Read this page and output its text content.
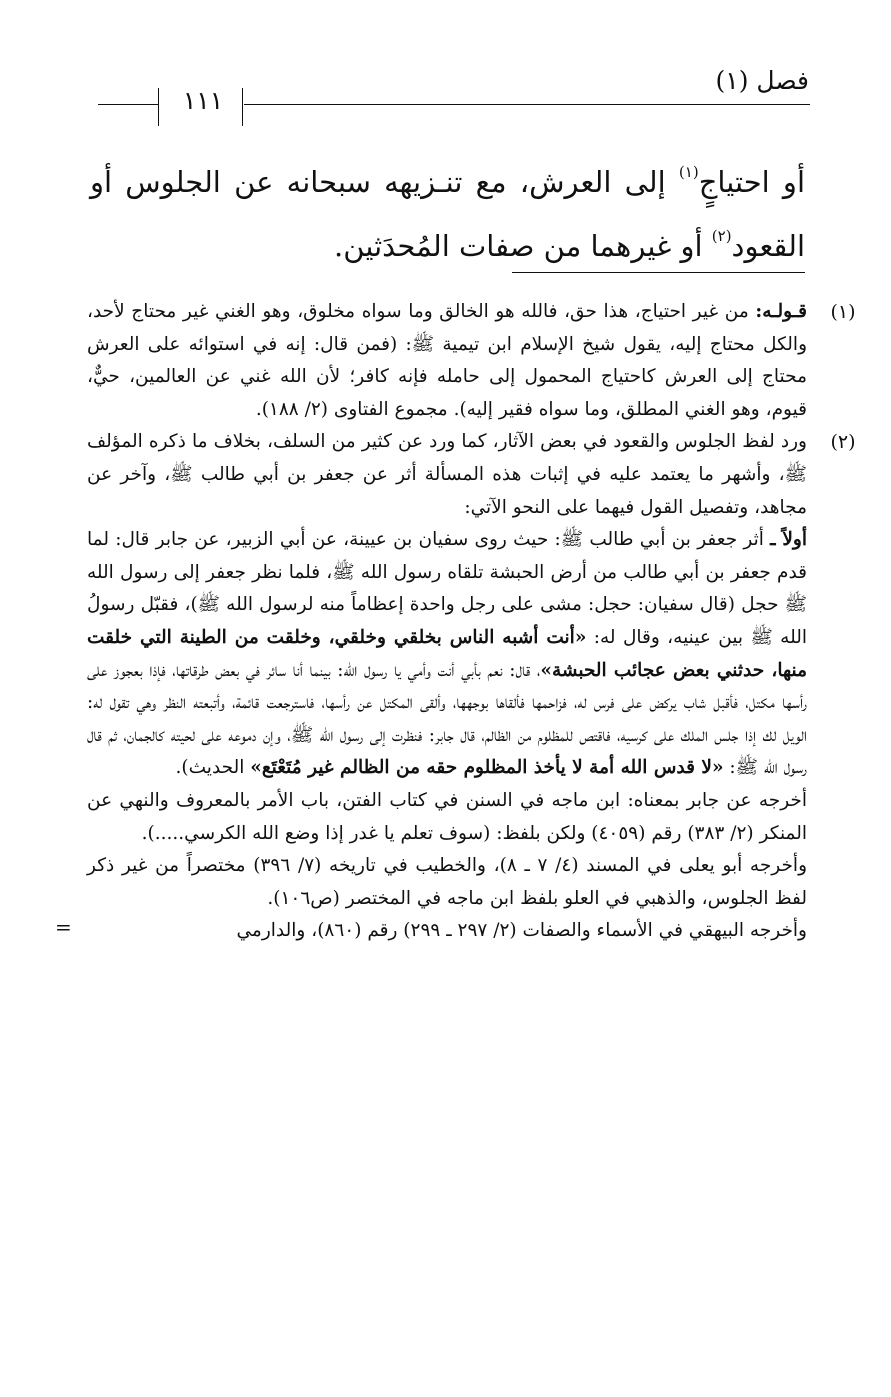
فصل (١)
١١١

أو احتياجٍ$^{(١)}$ إلى العرش، مع تنـزيهه سبحانه عن الجلوس أو القعود$^{(٢)}$ أو غيرهما من صفات المُحدَثين.

(١)

قـولـه: من غير احتياج، هذا حق، فالله هو الخالق وما سواه مخلوق، وهو الغني غير محتاج لأحد، والكل محتاج إليه، يقول شيخ الإسلام ابن تيمية ﷺ: (فمن قال: إنه في استوائه على العرش محتاج إلى العرش كاحتياج المحمول إلى حامله فإنه كافر؛ لأن الله غني عن العالمين، حيٌّ، قيوم، وهو الغني المطلق، وما سواه فقير إليه). مجموع الفتاوى (٢/ ١٨٨).

(٢)

ورد لفظ الجلوس والقعود في بعض الآثار، كما ورد عن كثير من السلف، بخلاف ما ذكره المؤلف ﷺ، وأشهر ما يعتمد عليه في إثبات هذه المسألة أثر عن جعفر بن أبي طالب ﷺ، وآخر عن مجاهد، وتفصيل القول فيهما على النحو الآتي:

أولاً ـ أثر جعفر بن أبي طالب ﷺ: حيث روى سفيان بن عيينة، عن أبي الزبير، عن جابر قال: لما قدم جعفر بن أبي طالب من أرض الحبشة تلقاه رسول الله ﷺ، فلما نظر جعفر إلى رسول الله ﷺ حجل (قال سفيان: حجل: مشى على رجل واحدة إعظاماً منه لرسول الله ﷺ)، فقبّل رسولُ الله ﷺ بين عينيه، وقال له: «أنت أشبه الناس بخلقي وخلقي، وخلقت من الطينة التي خلقت منها، حدثني بعض عجائب الحبشة»، قال: نعم بأبي أنت وأمي يا رسول الله: بينما أنا سائر في بعض طرقاتها، فإذا بعجوز على رأسها مكتل، فأقبل شاب يركض على فرس له، فزاحمها فألقاها بوجهها، وألقى المكتل عن رأسها، فاسترجعت قائمة، وأتبعته النظر وهي تقول له: الويل لك إذا جلس الملك على كرسيه، فاقتص للمظلوم من الظالم، قال جابر: فنظرت إلى رسول الله ﷺ، وإن دموعه على لحيته كالجمان، ثم قال رسول الله ﷺ: «لا قدس الله أمة لا يأخذ المظلوم حقه من الظالم غير مُتَعْتَع» الحديث).

أخرجه عن جابر بمعناه: ابن ماجه في السنن في كتاب الفتن، باب الأمر بالمعروف والنهي عن المنكر (٢/ ٣٨٣) رقم (٤٠٥٩) ولكن بلفظ: (سوف تعلم يا غدر إذا وضع الله الكرسي.....).

وأخرجه أبو يعلى في المسند (٤/ ٧ ـ ٨)، والخطيب في تاريخه (٧/ ٣٩٦) مختصراً من غير ذكر لفظ الجلوس، والذهبي في العلو بلفظ ابن ماجه في المختصر (ص١٠٦).

وأخرجه البيهقي في الأسماء والصفات (٢/ ٢٩٧ ـ ٢٩٩) رقم (٨٦٠)، والدارمي
=
